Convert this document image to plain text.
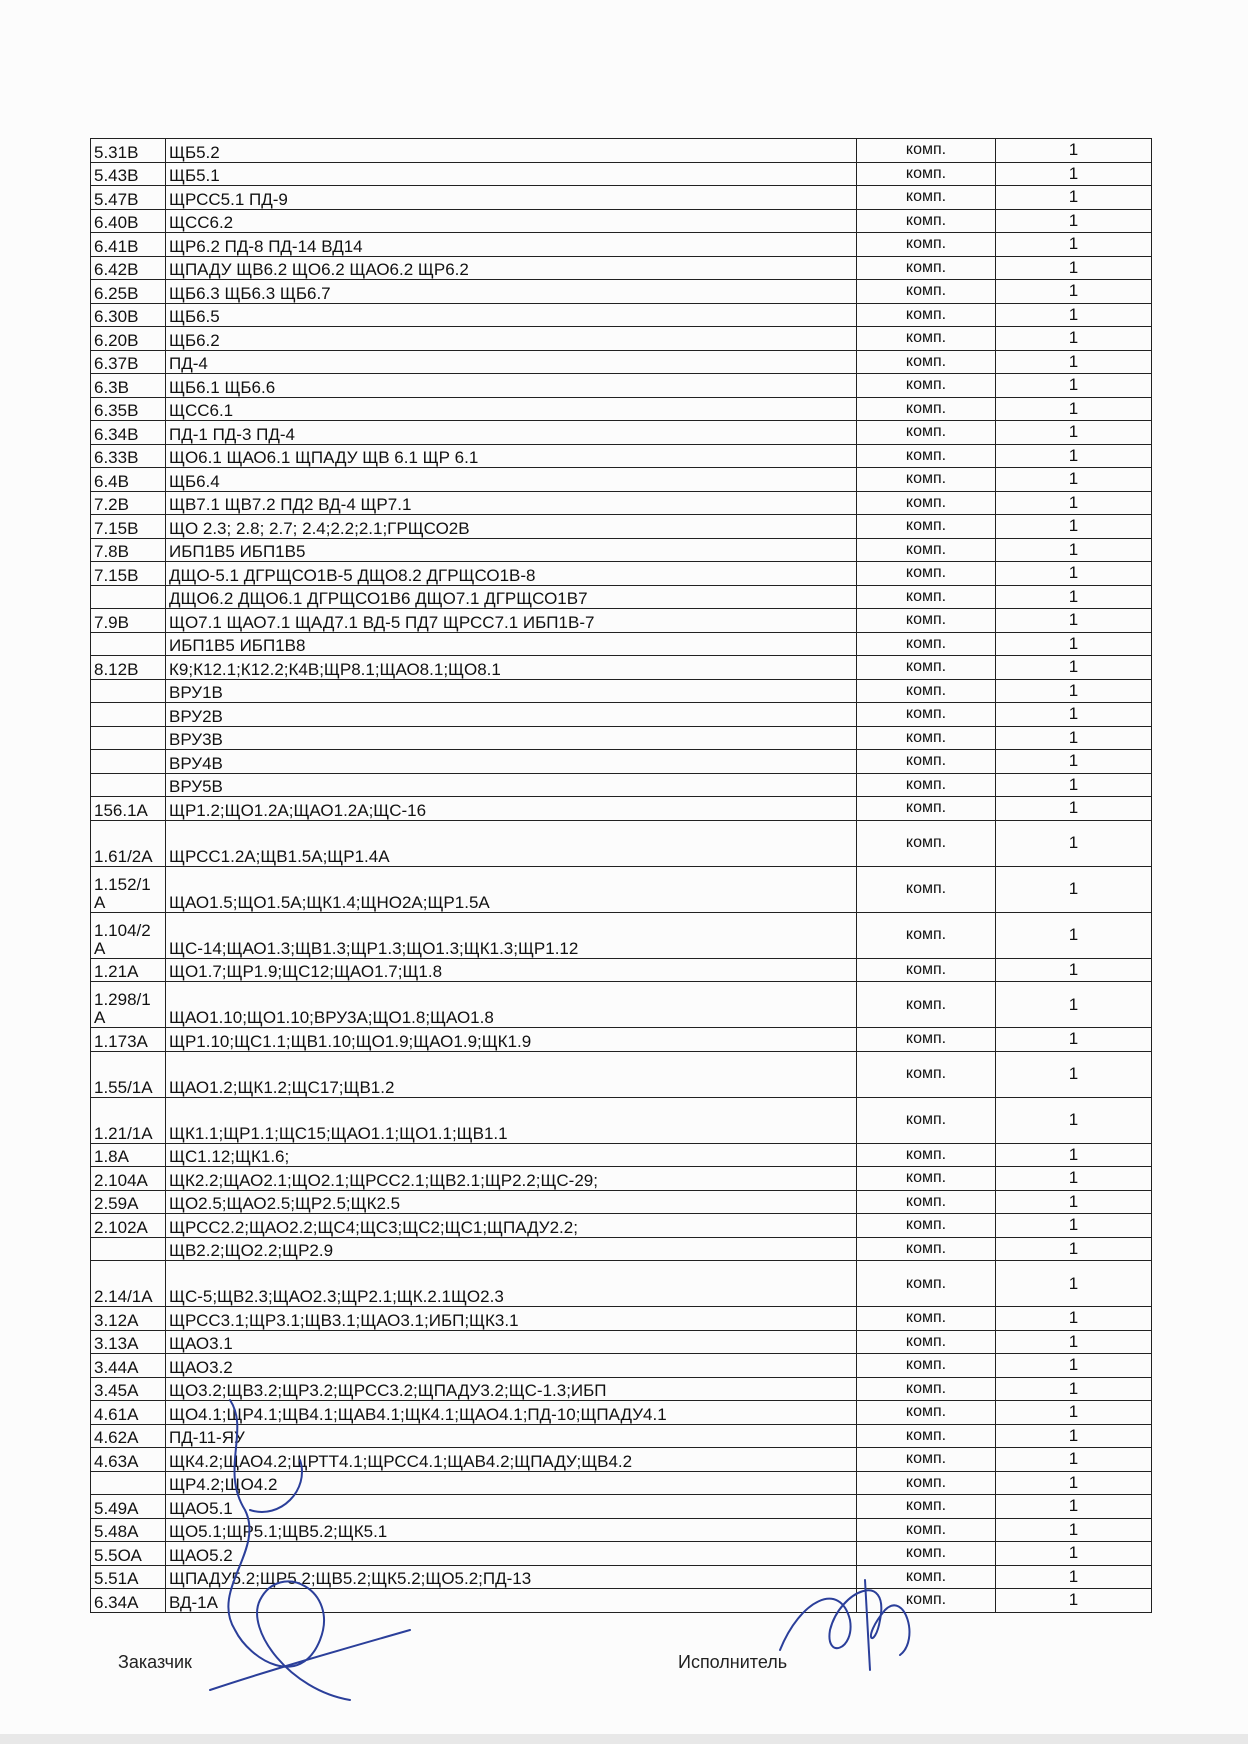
5.31В	ЩБ5.2	комп.	1
5.43В	ЩБ5.1	комп.	1
5.47В	ЩРСС5.1 ПД-9	комп.	1
6.40В	ЩСС6.2	комп.	1
6.41В	ЩР6.2 ПД-8 ПД-14 ВД14	комп.	1
6.42В	ЩПАДУ ЩВ6.2 ЩО6.2 ЩАО6.2 ЩР6.2	комп.	1
6.25В	ЩБ6.3 ЩБ6.3 ЩБ6.7	комп.	1
6.30В	ЩБ6.5	комп.	1
6.20В	ЩБ6.2	комп.	1
6.37В	ПД-4	комп.	1
6.3В	ЩБ6.1 ЩБ6.6	комп.	1
6.35В	ЩСС6.1	комп.	1
6.34В	ПД-1 ПД-3 ПД-4	комп.	1
6.33В	ЩО6.1 ЩАО6.1 ЩПАДУ ЩВ 6.1 ЩР 6.1	комп.	1
6.4В	ЩБ6.4	комп.	1
7.2В	ЩВ7.1 ЩВ7.2 ПД2 ВД-4 ЩР7.1	комп.	1
7.15В	ЩО 2.3; 2.8; 2.7; 2.4;2.2;2.1;ГРЩСО2В	комп.	1
7.8В	ИБП1В5 ИБП1В5	комп.	1
7.15В	ДЩО-5.1 ДГРЩСО1В-5 ДЩО8.2 ДГРЩСО1В-8	комп.	1
	ДЩО6.2 ДЩО6.1 ДГРЩСО1В6 ДЩО7.1 ДГРЩСО1В7	комп.	1
7.9В	ЩО7.1 ЩАО7.1 ЩАД7.1 ВД-5 ПД7 ЩРСС7.1 ИБП1В-7	комп.	1
	ИБП1В5 ИБП1В8	комп.	1
8.12В	К9;К12.1;К12.2;К4В;ЩР8.1;ЩАО8.1;ЩО8.1	комп.	1
	ВРУ1В	комп.	1
	ВРУ2В	комп.	1
	ВРУ3В	комп.	1
	ВРУ4В	комп.	1
	ВРУ5В	комп.	1
156.1А	ЩР1.2;ЩО1.2А;ЩАО1.2А;ЩС-16	комп.	1
1.61/2А	ЩРСС1.2А;ЩВ1.5А;ЩР1.4А	комп.	1
1.152/1А	ЩАО1.5;ЩО1.5А;ЩК1.4;ЩНО2А;ЩР1.5А	комп.	1
1.104/2А	ЩС-14;ЩАО1.3;ЩВ1.3;ЩР1.3;ЩО1.3;ЩК1.3;ЩР1.12	комп.	1
1.21А	ЩО1.7;ЩР1.9;ЩС12;ЩАО1.7;Щ1.8	комп.	1
1.298/1А	ЩАО1.10;ЩО1.10;ВРУ3А;ЩО1.8;ЩАО1.8	комп.	1
1.173А	ЩР1.10;ЩС1.1;ЩВ1.10;ЩО1.9;ЩАО1.9;ЩК1.9	комп.	1
1.55/1А	ЩАО1.2;ЩК1.2;ЩС17;ЩВ1.2	комп.	1
1.21/1А	ЩК1.1;ЩР1.1;ЩС15;ЩАО1.1;ЩО1.1;ЩВ1.1	комп.	1
1.8А	ЩС1.12;ЩК1.6;	комп.	1
2.104А	ЩК2.2;ЩАО2.1;ЩО2.1;ЩРСС2.1;ЩВ2.1;ЩР2.2;ЩС-29;	комп.	1
2.59А	ЩО2.5;ЩАО2.5;ЩР2.5;ЩК2.5	комп.	1
2.102А	ЩРСС2.2;ЩАО2.2;ЩС4;ЩС3;ЩС2;ЩС1;ЩПАДУ2.2;	комп.	1
	ЩВ2.2;ЩО2.2;ЩР2.9	комп.	1
2.14/1А	ЩС-5;ЩВ2.3;ЩАО2.3;ЩР2.1;ЩК.2.1ЩО2.3	комп.	1
3.12А	ЩРСС3.1;ЩР3.1;ЩВ3.1;ЩАО3.1;ИБП;ЩК3.1	комп.	1
3.13А	ЩАО3.1	комп.	1
3.44А	ЩАО3.2	комп.	1
3.45А	ЩО3.2;ЩВ3.2;ЩР3.2;ЩРСС3.2;ЩПАДУ3.2;ЩС-1.3;ИБП	комп.	1
4.61А	ЩО4.1;ЩР4.1;ЩВ4.1;ЩАВ4.1;ЩК4.1;ЩАО4.1;ПД-10;ЩПАДУ4.1	комп.	1
4.62А	ПД-11-ЯУ	комп.	1
4.63А	ЩК4.2;ЩАО4.2;ЩРТТ4.1;ЩРСС4.1;ЩАВ4.2;ЩПАДУ;ЩВ4.2	комп.	1
	ЩР4.2;ЩО4.2	комп.	1
5.49А	ЩАО5.1	комп.	1
5.48А	ЩО5.1;ЩР5.1;ЩВ5.2;ЩК5.1	комп.	1
5.5ОА	ЩАО5.2	комп.	1
5.51А	ЩПАДУ5.2;ЩР5.2;ЩВ5.2;ЩК5.2;ЩО5.2;ПД-13	комп.	1
6.34А	ВД-1А	комп.	1
Заказчик	Исполнитель
